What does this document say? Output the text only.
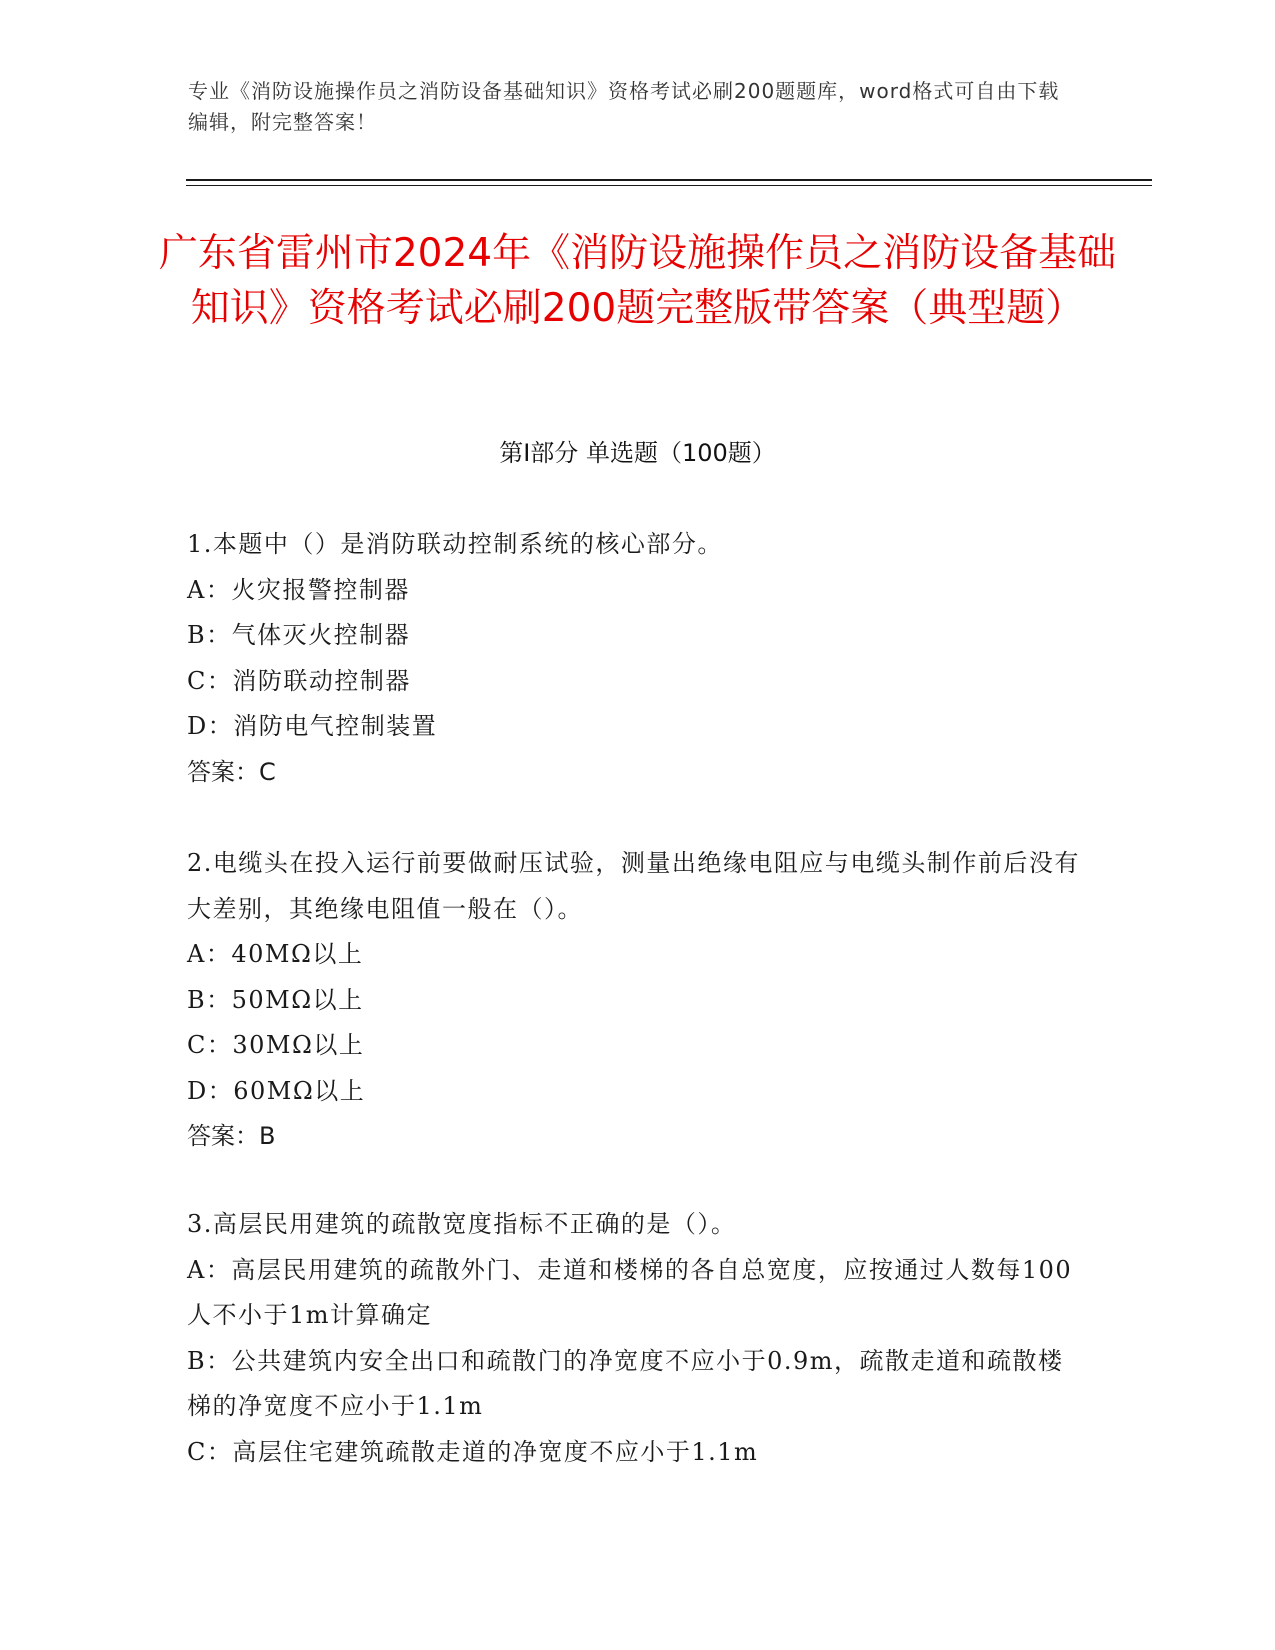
专业《消防设施操作员之消防设备基础知识》资格考试必刷200题题库，word格式可自由下载编辑，附完整答案！
广东省雷州市2024年《消防设施操作员之消防设备基础知识》资格考试必刷200题完整版带答案（典型题）
第I部分 单选题（100题）
1.本题中（）是消防联动控制系统的核心部分。
A：火灾报警控制器
B：气体灭火控制器
C：消防联动控制器
D：消防电气控制装置
答案：C
2.电缆头在投入运行前要做耐压试验，测量出绝缘电阻应与电缆头制作前后没有大差别，其绝缘电阻值一般在（）。
A：40MΩ以上
B：50MΩ以上
C：30MΩ以上
D：60MΩ以上
答案：B
3.高层民用建筑的疏散宽度指标不正确的是（）。
A：高层民用建筑的疏散外门、走道和楼梯的各自总宽度，应按通过人数每100人不小于1m计算确定
B：公共建筑内安全出口和疏散门的净宽度不应小于0.9m，疏散走道和疏散楼梯的净宽度不应小于1.1m
C：高层住宅建筑疏散走道的净宽度不应小于1.1m
